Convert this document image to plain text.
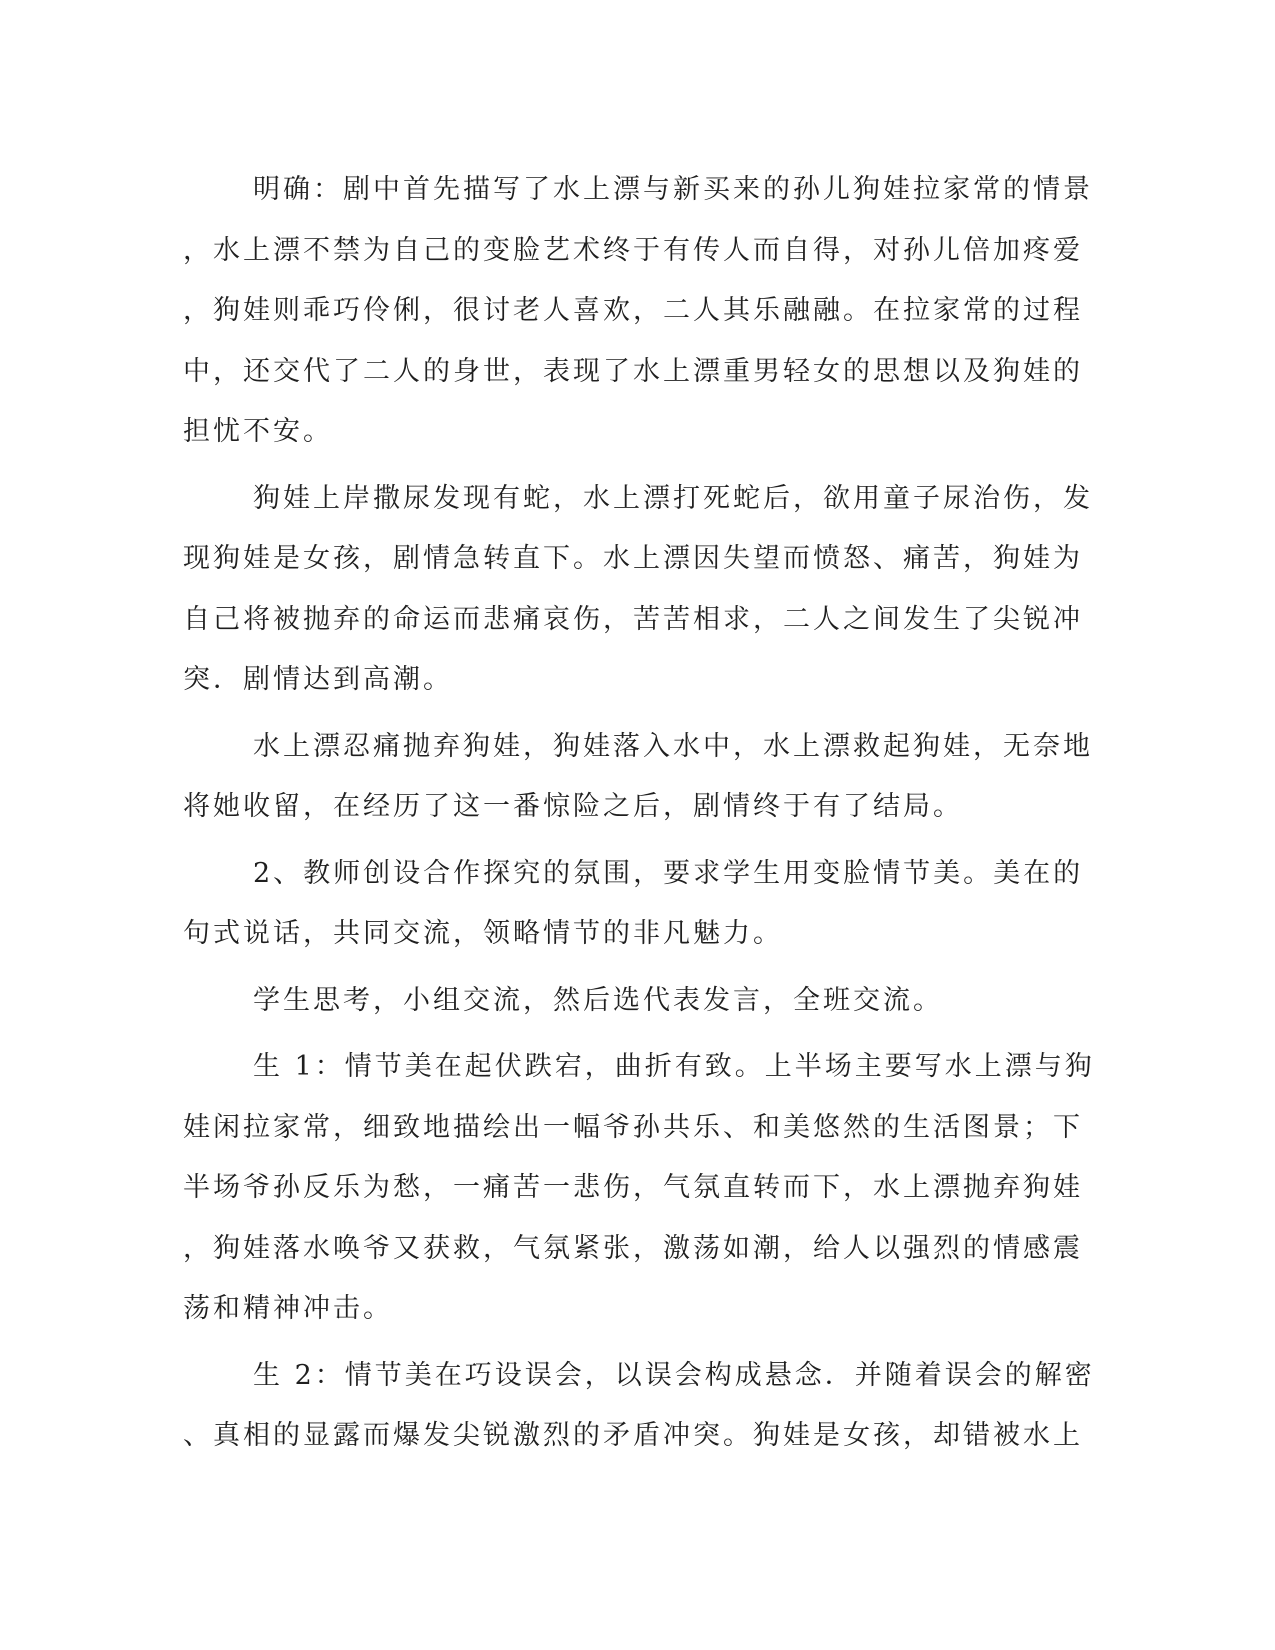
明确：剧中首先描写了水上漂与新买来的孙儿狗娃拉家常的情景
，水上漂不禁为自己的变脸艺术终于有传人而自得，对孙儿倍加疼爱
，狗娃则乖巧伶俐，很讨老人喜欢，二人其乐融融。在拉家常的过程
中，还交代了二人的身世，表现了水上漂重男轻女的思想以及狗娃的
担忧不安。
狗娃上岸撒尿发现有蛇，水上漂打死蛇后，欲用童子尿治伤，发
现狗娃是女孩，剧情急转直下。水上漂因失望而愤怒、痛苦，狗娃为
自己将被抛弃的命运而悲痛哀伤，苦苦相求，二人之间发生了尖锐冲
突．剧情达到高潮。
水上漂忍痛抛弃狗娃，狗娃落入水中，水上漂救起狗娃，无奈地
将她收留，在经历了这一番惊险之后，剧情终于有了结局。
2、教师创设合作探究的氛围，要求学生用变脸情节美。美在的
句式说话，共同交流，领略情节的非凡魅力。
学生思考，小组交流，然后选代表发言，全班交流。
生 1：情节美在起伏跌宕，曲折有致。上半场主要写水上漂与狗
娃闲拉家常，细致地描绘出一幅爷孙共乐、和美悠然的生活图景；下
半场爷孙反乐为愁，一痛苦一悲伤，气氛直转而下，水上漂抛弃狗娃
，狗娃落水唤爷又获救，气氛紧张，激荡如潮，给人以强烈的情感震
荡和精神冲击。
生 2：情节美在巧设误会，以误会构成悬念．并随着误会的解密
、真相的显露而爆发尖锐激烈的矛盾冲突。狗娃是女孩，却错被水上
